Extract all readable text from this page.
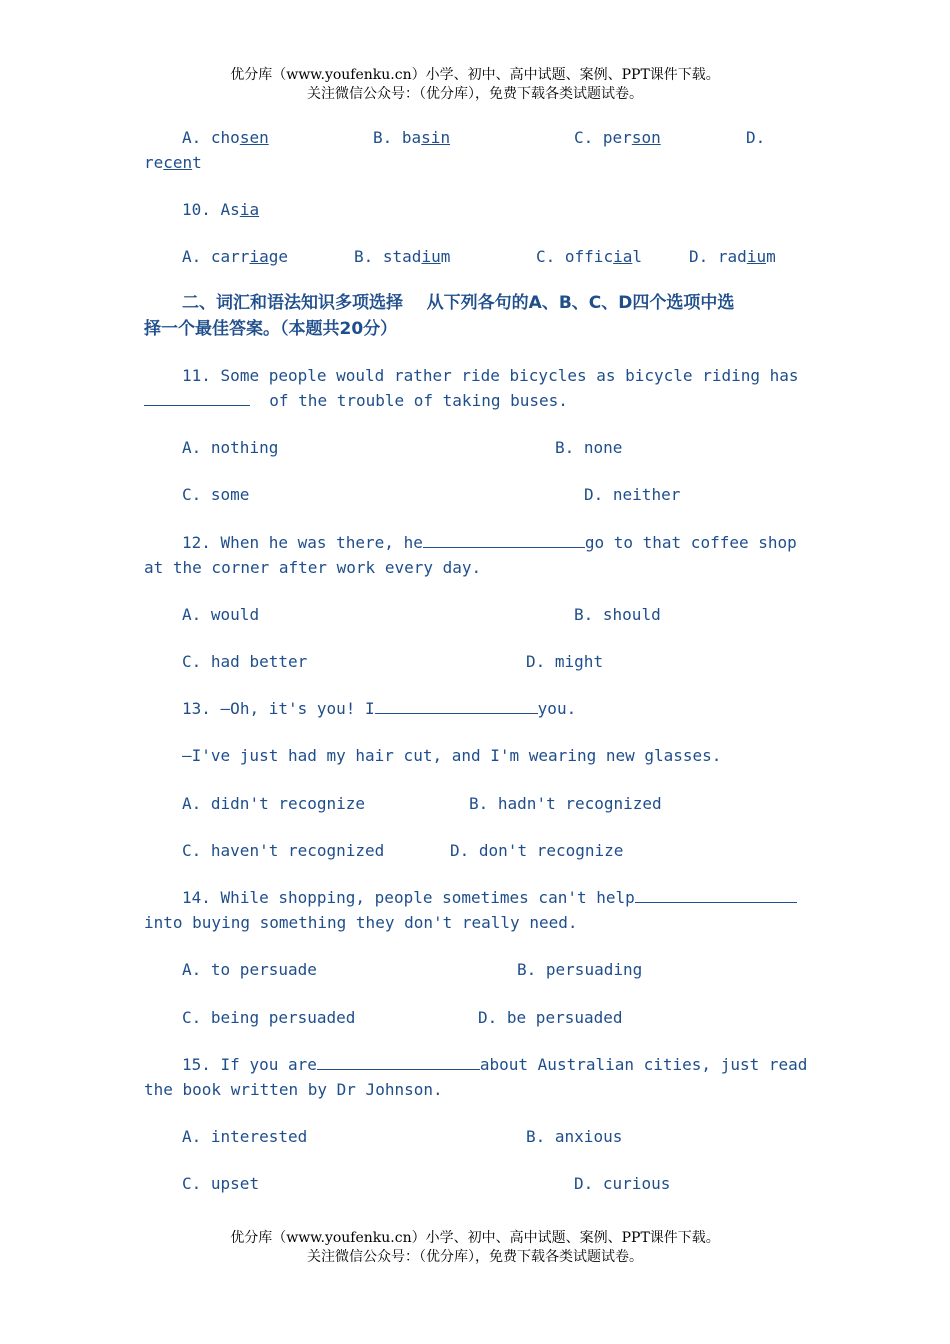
优分库（www.youfenku.cn）小学、初中、高中试题、案例、PPT课件下载。
关注微信公众号：（优分库），免费下载各类试题试卷。
A. chosen	B. basin	C. person	D.
recent
10. Asia
A. carriage	B. stadium	C. official	D. radium
二、词汇和语法知识多项选择    从下列各句的A、B、C、D四个选项中选
择一个最佳答案。（本题共20分）
11. Some people would rather ride bicycles as bicycle riding has
of the trouble of taking buses.
A. nothing	B. none
C. some	D. neither
12. When he was there, he	go to that coffee shop
at the corner after work every day.
A. would	B. should
C. had better	D. might
13. —Oh, it's you! I	you.
—I've just had my hair cut, and I'm wearing new glasses.
A. didn't recognize	B. hadn't recognized
C. haven't recognized	D. don't recognize
14. While shopping, people sometimes can't help
into buying something they don't really need.
A. to persuade	B. persuading
C. being persuaded	D. be persuaded
15. If you are	about Australian cities, just read
the book written by Dr Johnson.
A. interested	B. anxious
C. upset	D. curious
优分库（www.youfenku.cn）小学、初中、高中试题、案例、PPT课件下载。
关注微信公众号：（优分库），免费下载各类试题试卷。
